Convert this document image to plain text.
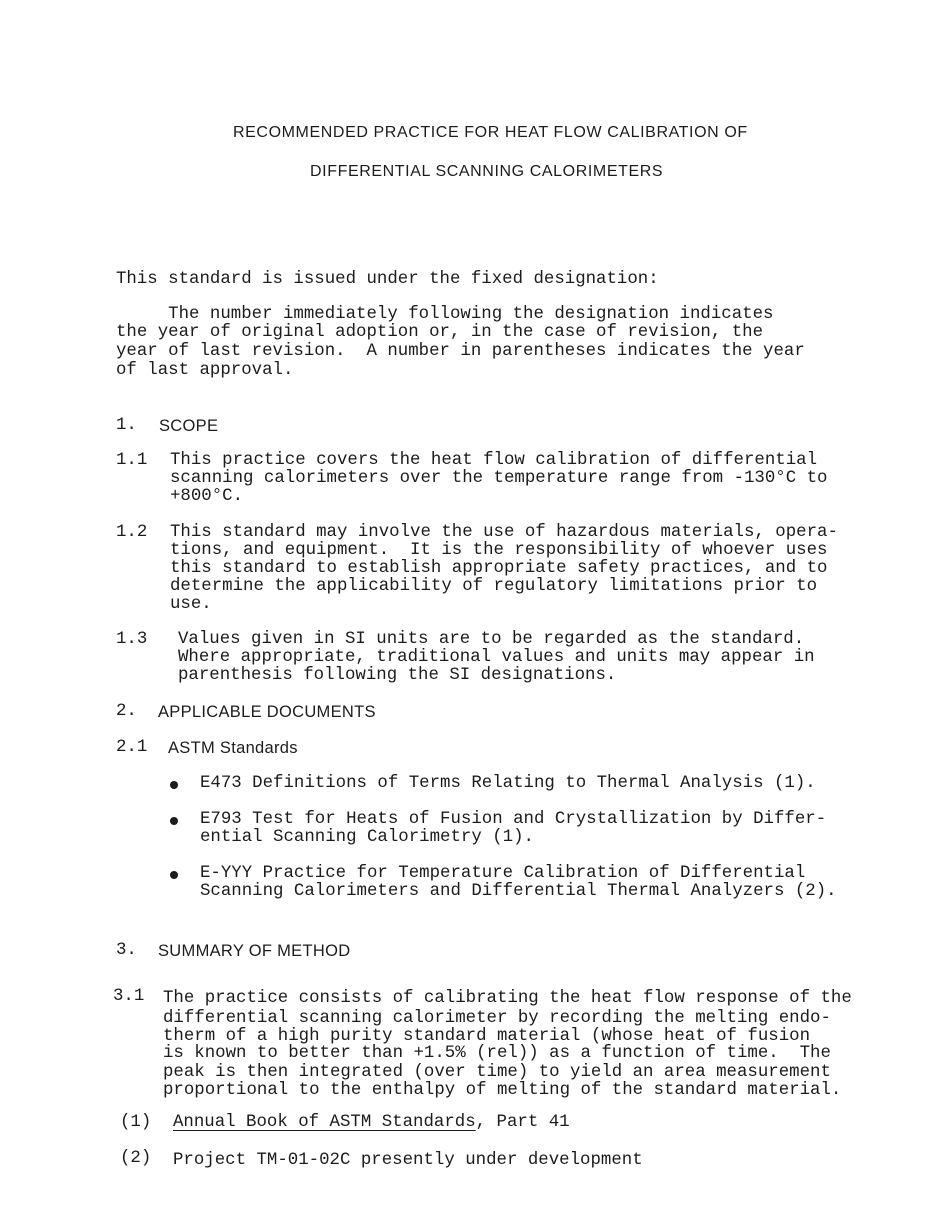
RECOMMENDED PRACTICE FOR HEAT FLOW CALIBRATION OF
DIFFERENTIAL SCANNING CALORIMETERS
This standard is issued under the fixed designation:
The number immediately following the designation indicates
the year of original adoption or, in the case of revision, the
year of last revision.  A number in parentheses indicates the year
of last approval.
1. SCOPE
1.1 This practice covers the heat flow calibration of differential
scanning calorimeters over the temperature range from -130°C to
+800°C.
1.2 This standard may involve the use of hazardous materials, opera-
tions, and equipment.  It is the responsibility of whoever uses
this standard to establish appropriate safety practices, and to
determine the applicability of regulatory limitations prior to
use.
1.3 Values given in SI units are to be regarded as the standard.
Where appropriate, traditional values and units may appear in
parenthesis following the SI designations.
2. APPLICABLE DOCUMENTS
2.1 ASTM Standards
E473 Definitions of Terms Relating to Thermal Analysis (1).
E793 Test for Heats of Fusion and Crystallization by Differ-
ential Scanning Calorimetry (1).
E-YYY Practice for Temperature Calibration of Differential
Scanning Calorimeters and Differential Thermal Analyzers (2).
3. SUMMARY OF METHOD
3.1 The practice consists of calibrating the heat flow response of the
differential scanning calorimeter by recording the melting endo-
therm of a high purity standard material (whose heat of fusion
is known to better than +1.5% (rel)) as a function of time.  The
peak is then integrated (over time) to yield an area measurement
proportional to the enthalpy of melting of the standard material.
(1) Annual Book of ASTM Standards, Part 41
(2) Project TM-01-02C presently under development
